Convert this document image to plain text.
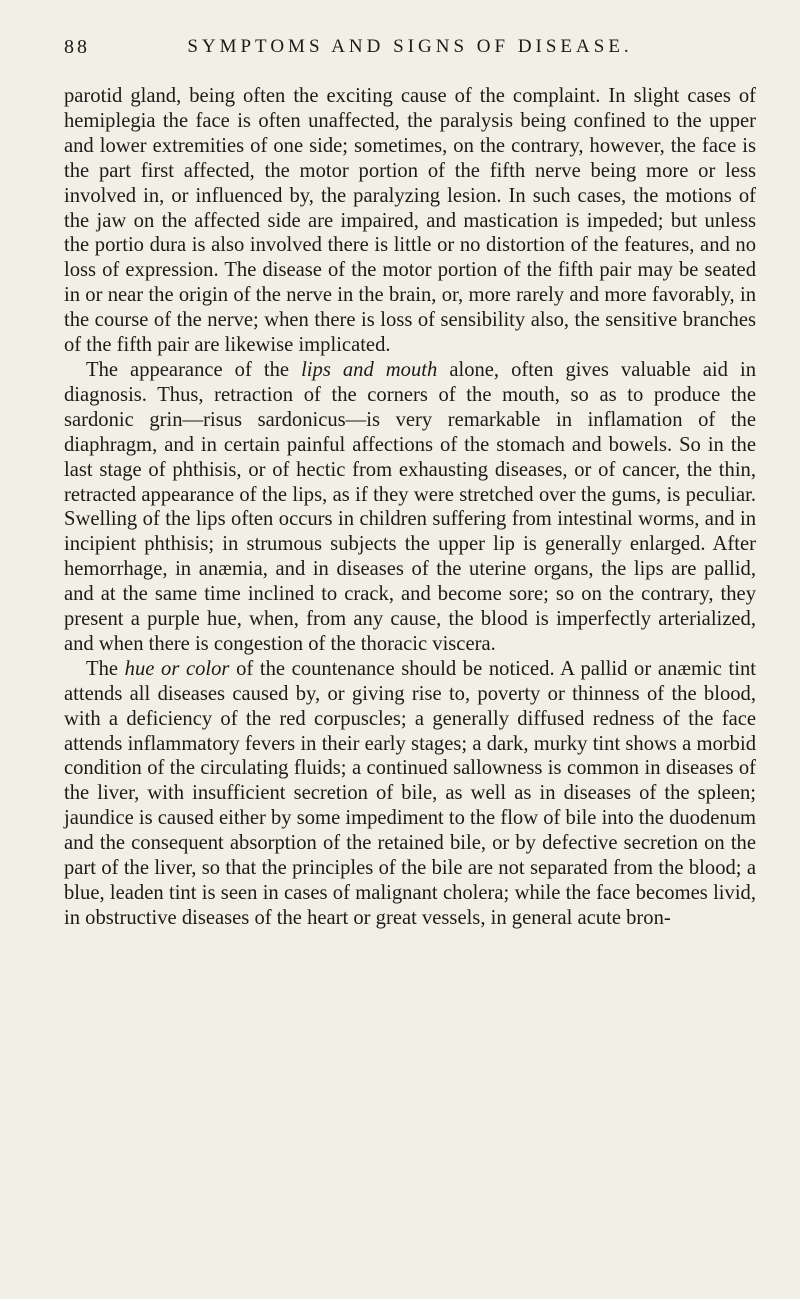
88	SYMPTOMS AND SIGNS OF DISEASE.

parotid gland, being often the exciting cause of the complaint. In slight cases of hemiplegia the face is often unaffected, the paralysis being confined to the upper and lower extremities of one side; sometimes, on the contrary, however, the face is the part first affected, the motor portion of the fifth nerve being more or less involved in, or influenced by, the paralyzing lesion. In such cases, the motions of the jaw on the affected side are impaired, and mastication is impeded; but unless the portio dura is also involved there is little or no distortion of the features, and no loss of expression. The disease of the motor portion of the fifth pair may be seated in or near the origin of the nerve in the brain, or, more rarely and more favorably, in the course of the nerve; when there is loss of sensibility also, the sensitive branches of the fifth pair are likewise implicated.

The appearance of the lips and mouth alone, often gives valuable aid in diagnosis. Thus, retraction of the corners of the mouth, so as to produce the sardonic grin—risus sardonicus—is very remarkable in inflamation of the diaphragm, and in certain painful affections of the stomach and bowels. So in the last stage of phthisis, or of hectic from exhausting diseases, or of cancer, the thin, retracted appearance of the lips, as if they were stretched over the gums, is peculiar. Swelling of the lips often occurs in children suffering from intestinal worms, and in incipient phthisis; in strumous subjects the upper lip is generally enlarged. After hemorrhage, in anæmia, and in diseases of the uterine organs, the lips are pallid, and at the same time inclined to crack, and become sore; so on the contrary, they present a purple hue, when, from any cause, the blood is imperfectly arterialized, and when there is congestion of the thoracic viscera.

The hue or color of the countenance should be noticed. A pallid or anæmic tint attends all diseases caused by, or giving rise to, poverty or thinness of the blood, with a deficiency of the red corpuscles; a generally diffused redness of the face attends inflammatory fevers in their early stages; a dark, murky tint shows a morbid condition of the circulating fluids; a continued sallowness is common in diseases of the liver, with insufficient secretion of bile, as well as in diseases of the spleen; jaundice is caused either by some impediment to the flow of bile into the duodenum and the consequent absorption of the retained bile, or by defective secretion on the part of the liver, so that the principles of the bile are not separated from the blood; a blue, leaden tint is seen in cases of malignant cholera; while the face becomes livid, in obstructive diseases of the heart or great vessels, in general acute bron-
